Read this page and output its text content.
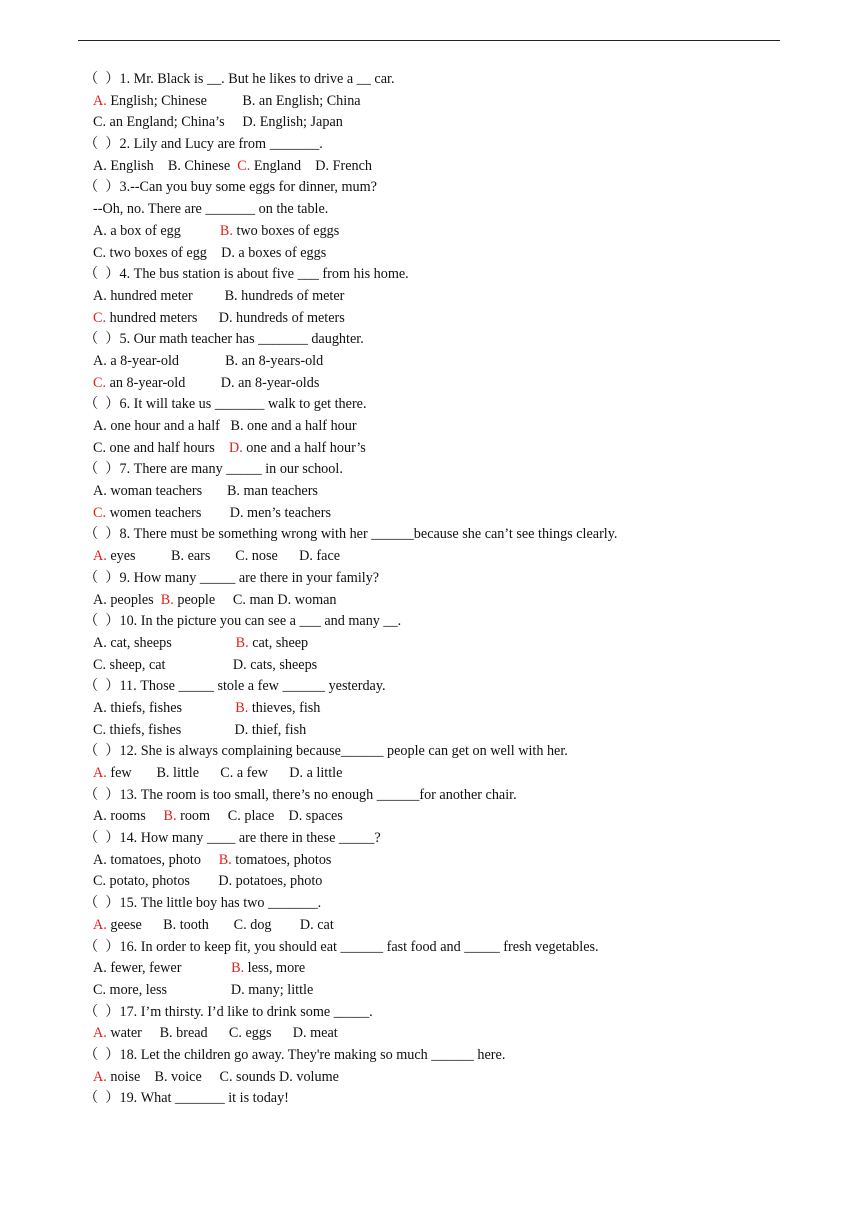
（  ）1. Mr. Black is __. But he likes to drive a __ car.
A. English; Chinese          B. an English; China
C. an England; China’s     D. English; Japan
（  ）2. Lily and Lucy are from _______.
A. English    B. Chinese  C. England    D. French
（  ）3.--Can you buy some eggs for dinner, mum?
--Oh, no. There are _______ on the table.
A. a box of egg           B. two boxes of eggs
C. two boxes of egg    D. a boxes of eggs
（  ）4. The bus station is about five ___ from his home.
A. hundred meter         B. hundreds of meter
C. hundred meters      D. hundreds of meters
（  ）5. Our math teacher has _______ daughter.
A. a 8-year-old             B. an 8-years-old
C. an 8-year-old          D. an 8-year-olds
（  ）6. It will take us _______ walk to get there.
A. one hour and a half   B. one and a half hour
C. one and half hours    D. one and a half hour’s
（  ）7. There are many _____ in our school.
A. woman teachers       B. man teachers
C. women teachers        D. men’s teachers
（  ）8. There must be something wrong with her ______because she can’t see things clearly.
A. eyes          B. ears       C. nose      D. face
（  ）9. How many _____ are there in your family?
A. peoples  B. people     C. man D. woman
（  ）10. In the picture you can see a ___ and many __.
A. cat, sheeps                  B. cat, sheep
C. sheep, cat                   D. cats, sheeps
（  ）11. Those _____ stole a few ______ yesterday.
A. thiefs, fishes               B. thieves, fish
C. thiefs, fishes               D. thief, fish
（  ）12. She is always complaining because______ people can get on well with her.
A. few       B. little      C. a few      D. a little
（  ）13. The room is too small, there’s no enough ______for another chair.
A. rooms     B. room     C. place    D. spaces
（  ）14. How many ____ are there in these _____?
A. tomatoes, photo     B. tomatoes, photos
C. potato, photos        D. potatoes, photo
（  ）15. The little boy has two _______.
A. geese      B. tooth       C. dog        D. cat
（  ）16. In order to keep fit, you should eat ______ fast food and _____ fresh vegetables.
A. fewer, fewer              B. less, more
C. more, less                  D. many; little
（  ）17. I’m thirsty. I’d like to drink some _____.
A. water     B. bread      C. eggs      D. meat
（  ）18. Let the children go away. They're making so much ______ here.
A. noise    B. voice     C. sounds D. volume
（  ）19. What _______ it is today!
